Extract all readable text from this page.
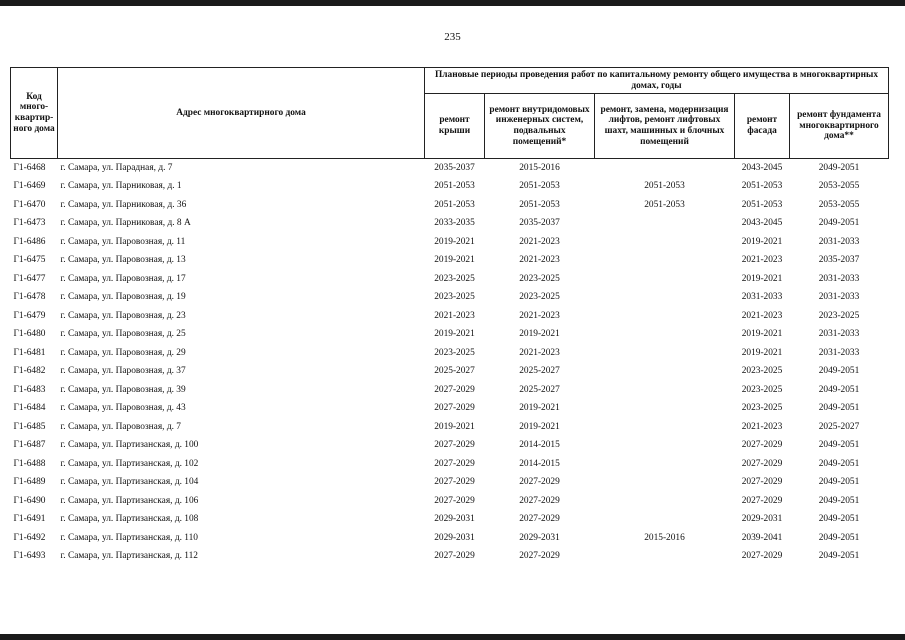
235
Код много-квартир-ного дома	Адрес многоквартирного дома	Плановые периоды проведения работ по капитальному ремонту общего имущества в многоквартирных домах, годы				
		ремонт крыши	ремонт внутридомовых инженерных систем, подвальных помещений*	ремонт, замена, модернизация лифтов, ремонт лифтовых шахт, машинных и блочных помещений	ремонт фасада	ремонт фундамента многоквартирного дома**
Г1-6468	г. Самара, ул. Парадная, д. 7	2035-2037	2015-2016		2043-2045	2049-2051
Г1-6469	г. Самара, ул. Парниковая, д. 1	2051-2053	2051-2053	2051-2053	2051-2053	2053-2055
Г1-6470	г. Самара, ул. Парниковая, д. 36	2051-2053	2051-2053	2051-2053	2051-2053	2053-2055
Г1-6473	г. Самара, ул. Парниковая, д. 8 А	2033-2035	2035-2037		2043-2045	2049-2051
Г1-6486	г. Самара, ул. Паровозная, д. 11	2019-2021	2021-2023		2019-2021	2031-2033
Г1-6475	г. Самара, ул. Паровозная, д. 13	2019-2021	2021-2023		2021-2023	2035-2037
Г1-6477	г. Самара, ул. Паровозная, д. 17	2023-2025	2023-2025		2019-2021	2031-2033
Г1-6478	г. Самара, ул. Паровозная, д. 19	2023-2025	2023-2025		2031-2033	2031-2033
Г1-6479	г. Самара, ул. Паровозная, д. 23	2021-2023	2021-2023		2021-2023	2023-2025
Г1-6480	г. Самара, ул. Паровозная, д. 25	2019-2021	2019-2021		2019-2021	2031-2033
Г1-6481	г. Самара, ул. Паровозная, д. 29	2023-2025	2021-2023		2019-2021	2031-2033
Г1-6482	г. Самара, ул. Паровозная, д. 37	2025-2027	2025-2027		2023-2025	2049-2051
Г1-6483	г. Самара, ул. Паровозная, д. 39	2027-2029	2025-2027		2023-2025	2049-2051
Г1-6484	г. Самара, ул. Паровозная, д. 43	2027-2029	2019-2021		2023-2025	2049-2051
Г1-6485	г. Самара, ул. Паровозная, д. 7	2019-2021	2019-2021		2021-2023	2025-2027
Г1-6487	г. Самара, ул. Партизанская, д. 100	2027-2029	2014-2015		2027-2029	2049-2051
Г1-6488	г. Самара, ул. Партизанская, д. 102	2027-2029	2014-2015		2027-2029	2049-2051
Г1-6489	г. Самара, ул. Партизанская, д. 104	2027-2029	2027-2029		2027-2029	2049-2051
Г1-6490	г. Самара, ул. Партизанская, д. 106	2027-2029	2027-2029		2027-2029	2049-2051
Г1-6491	г. Самара, ул. Партизанская, д. 108	2029-2031	2027-2029		2029-2031	2049-2051
Г1-6492	г. Самара, ул. Партизанская, д. 110	2029-2031	2029-2031	2015-2016	2039-2041	2049-2051
Г1-6493	г. Самара, ул. Партизанская, д. 112	2027-2029	2027-2029		2027-2029	2049-2051
